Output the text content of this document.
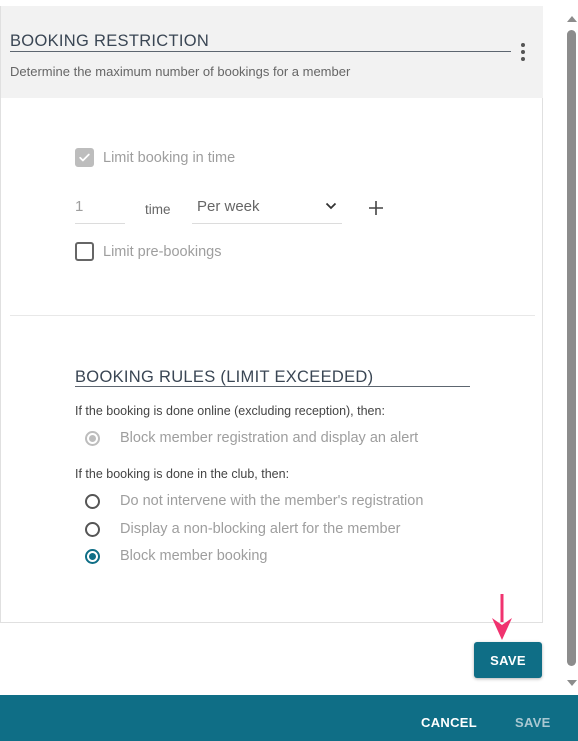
BOOKING RESTRICTION
Determine the maximum number of bookings for a member
Limit booking in time
1	time	Per week
Limit pre-bookings
BOOKING RULES (LIMIT EXCEEDED)
If the booking is done online (excluding reception), then:
Block member registration and display an alert
If the booking is done in the club, then:
Do not intervene with the member's registration
Display a non-blocking alert for the member
Block member booking
SAVE
CANCEL	SAVE
